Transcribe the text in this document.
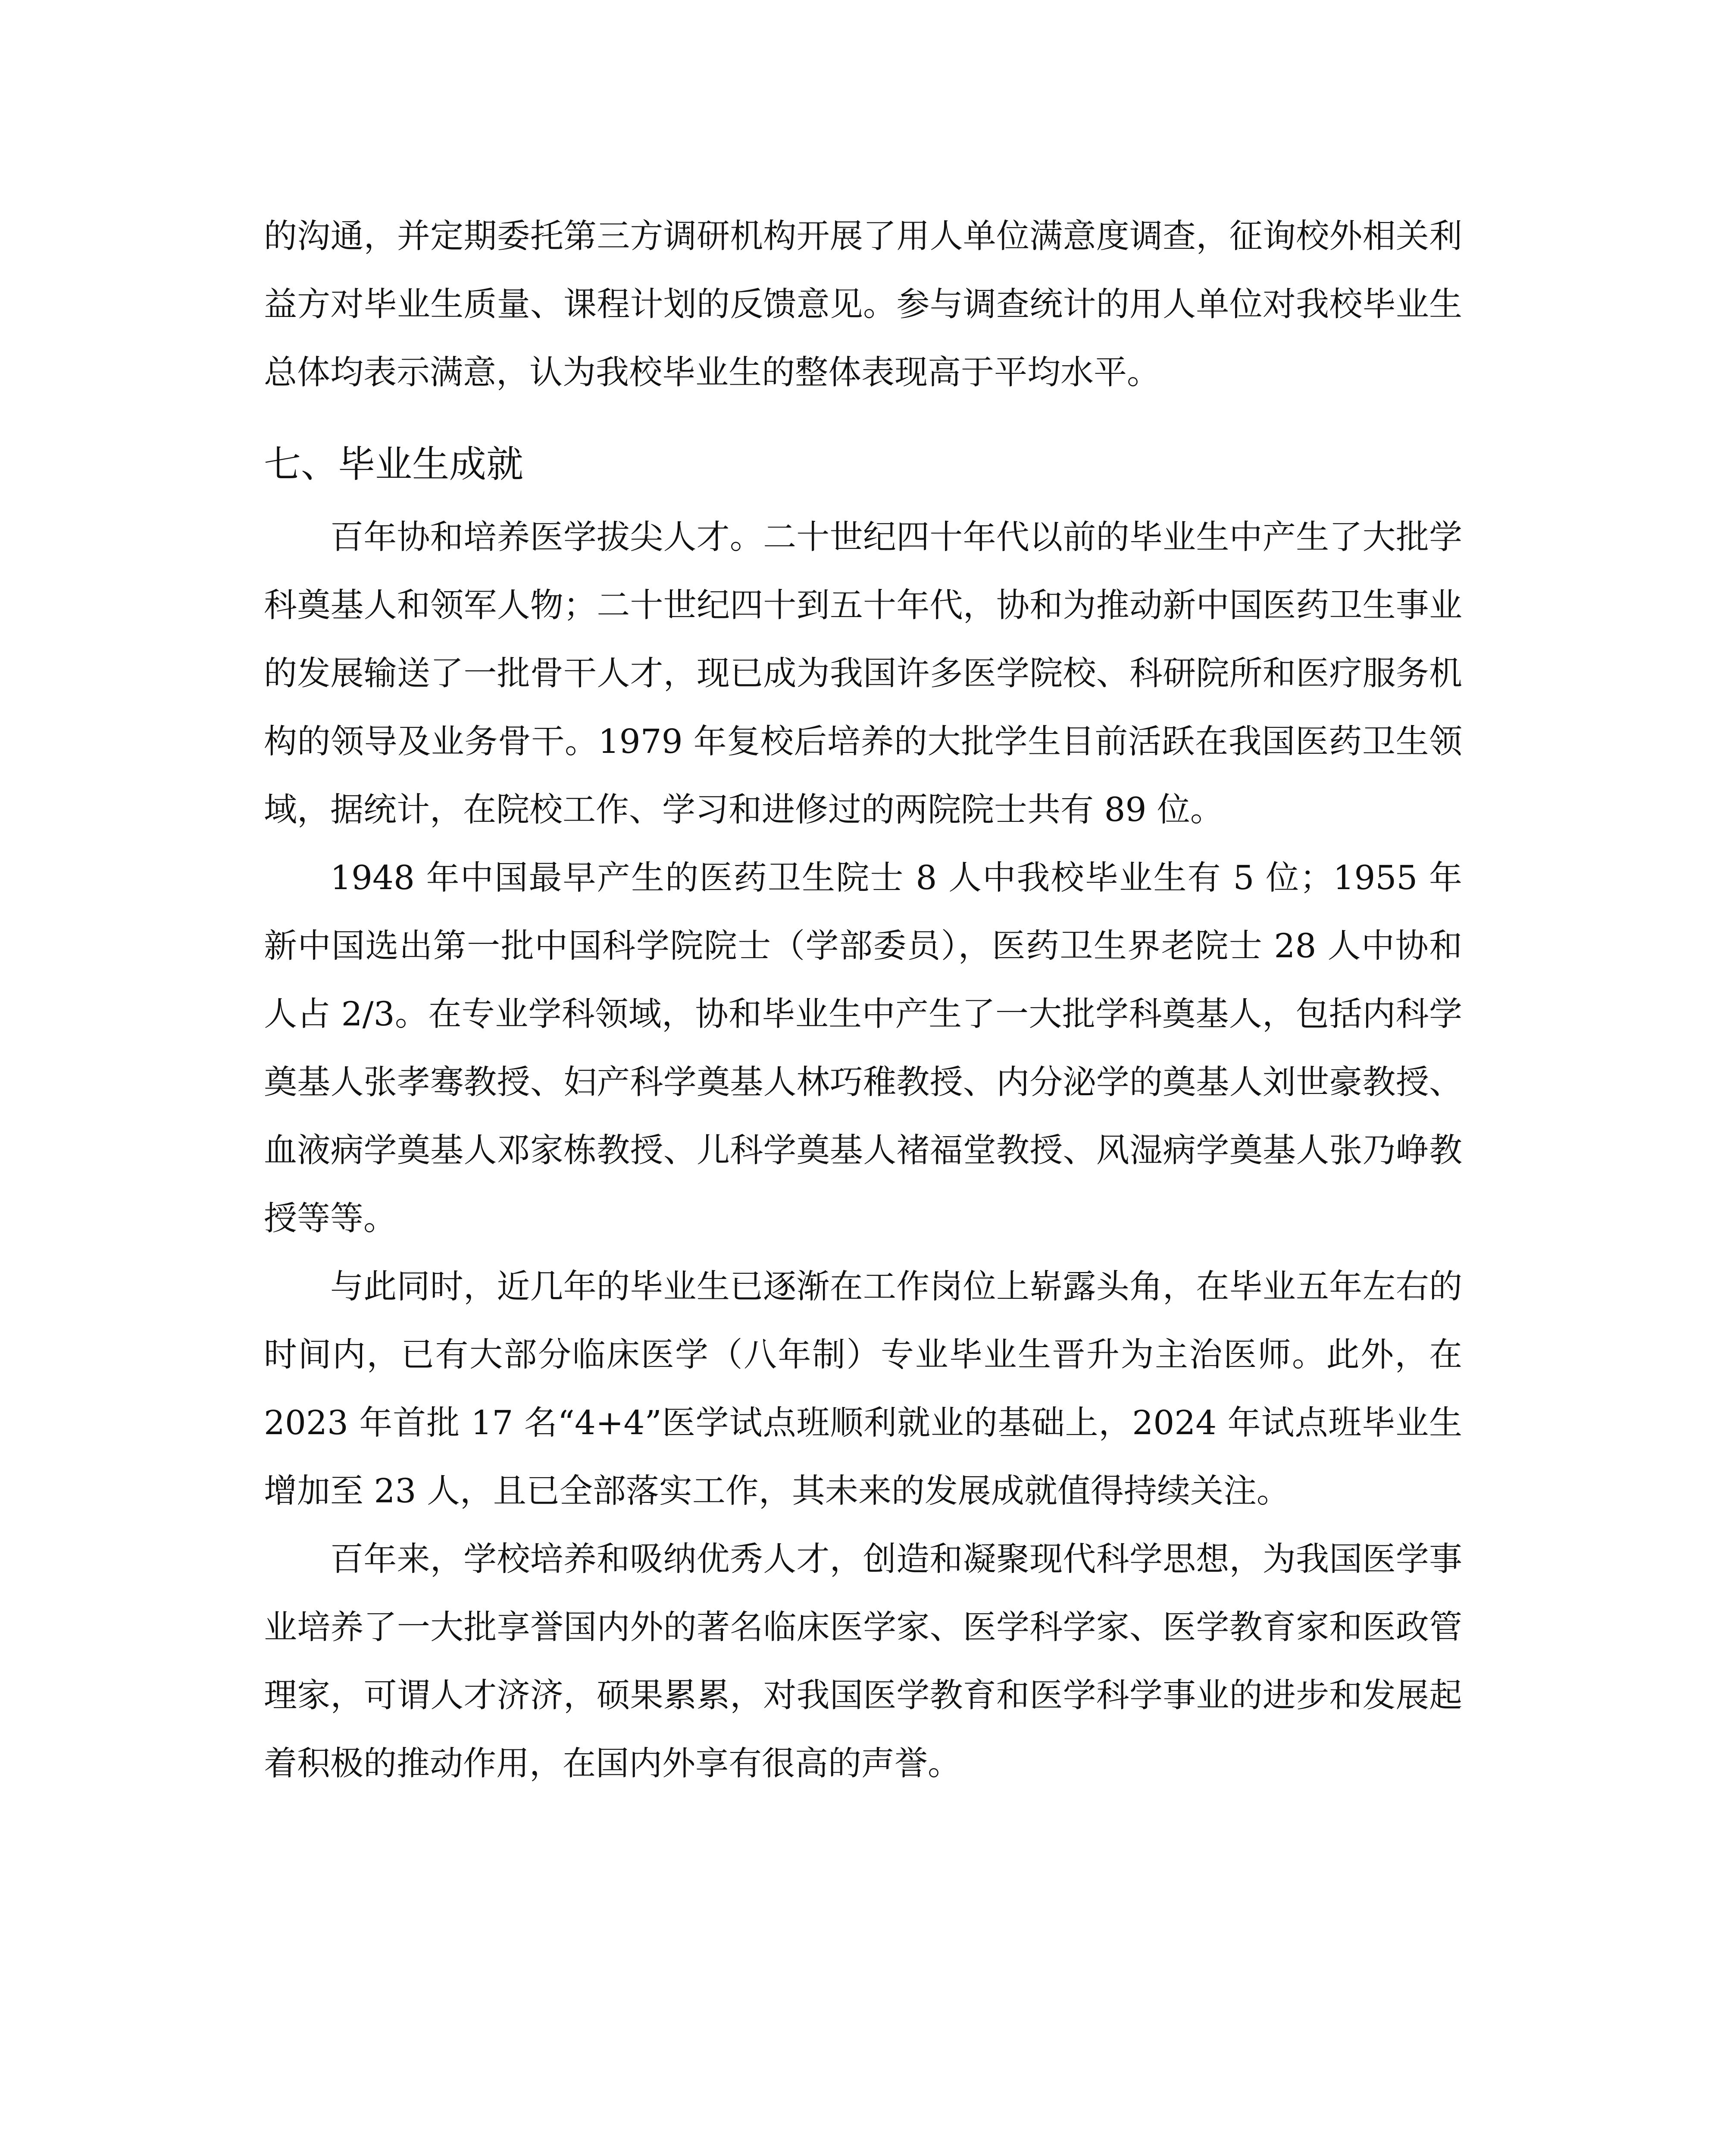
的沟通，并定期委托第三方调研机构开展了用人单位满意度调查，征询校外相关利益方对毕业生质量、课程计划的反馈意见。参与调查统计的用人单位对我校毕业生总体均表示满意，认为我校毕业生的整体表现高于平均水平。

七、毕业生成就

百年协和培养医学拔尖人才。二十世纪四十年代以前的毕业生中产生了大批学科奠基人和领军人物；二十世纪四十到五十年代，协和为推动新中国医药卫生事业的发展输送了一批骨干人才，现已成为我国许多医学院校、科研院所和医疗服务机构的领导及业务骨干。1979 年复校后培养的大批学生目前活跃在我国医药卫生领域，据统计，在院校工作、学习和进修过的两院院士共有 89 位。

1948 年中国最早产生的医药卫生院士 8 人中我校毕业生有 5 位；1955 年新中国选出第一批中国科学院院士（学部委员），医药卫生界老院士 28 人中协和人占 2/3。在专业学科领域，协和毕业生中产生了一大批学科奠基人，包括内科学奠基人张孝骞教授、妇产科学奠基人林巧稚教授、内分泌学的奠基人刘世豪教授、血液病学奠基人邓家栋教授、儿科学奠基人褚福堂教授、风湿病学奠基人张乃峥教授等等。

与此同时，近几年的毕业生已逐渐在工作岗位上崭露头角，在毕业五年左右的时间内，已有大部分临床医学（八年制）专业毕业生晋升为主治医师。此外，在 2023 年首批 17 名“4+4”医学试点班顺利就业的基础上，2024 年试点班毕业生增加至 23 人，且已全部落实工作，其未来的发展成就值得持续关注。

百年来，学校培养和吸纳优秀人才，创造和凝聚现代科学思想，为我国医学事业培养了一大批享誉国内外的著名临床医学家、医学科学家、医学教育家和医政管理家，可谓人才济济，硕果累累，对我国医学教育和医学科学事业的进步和发展起着积极的推动作用，在国内外享有很高的声誉。
